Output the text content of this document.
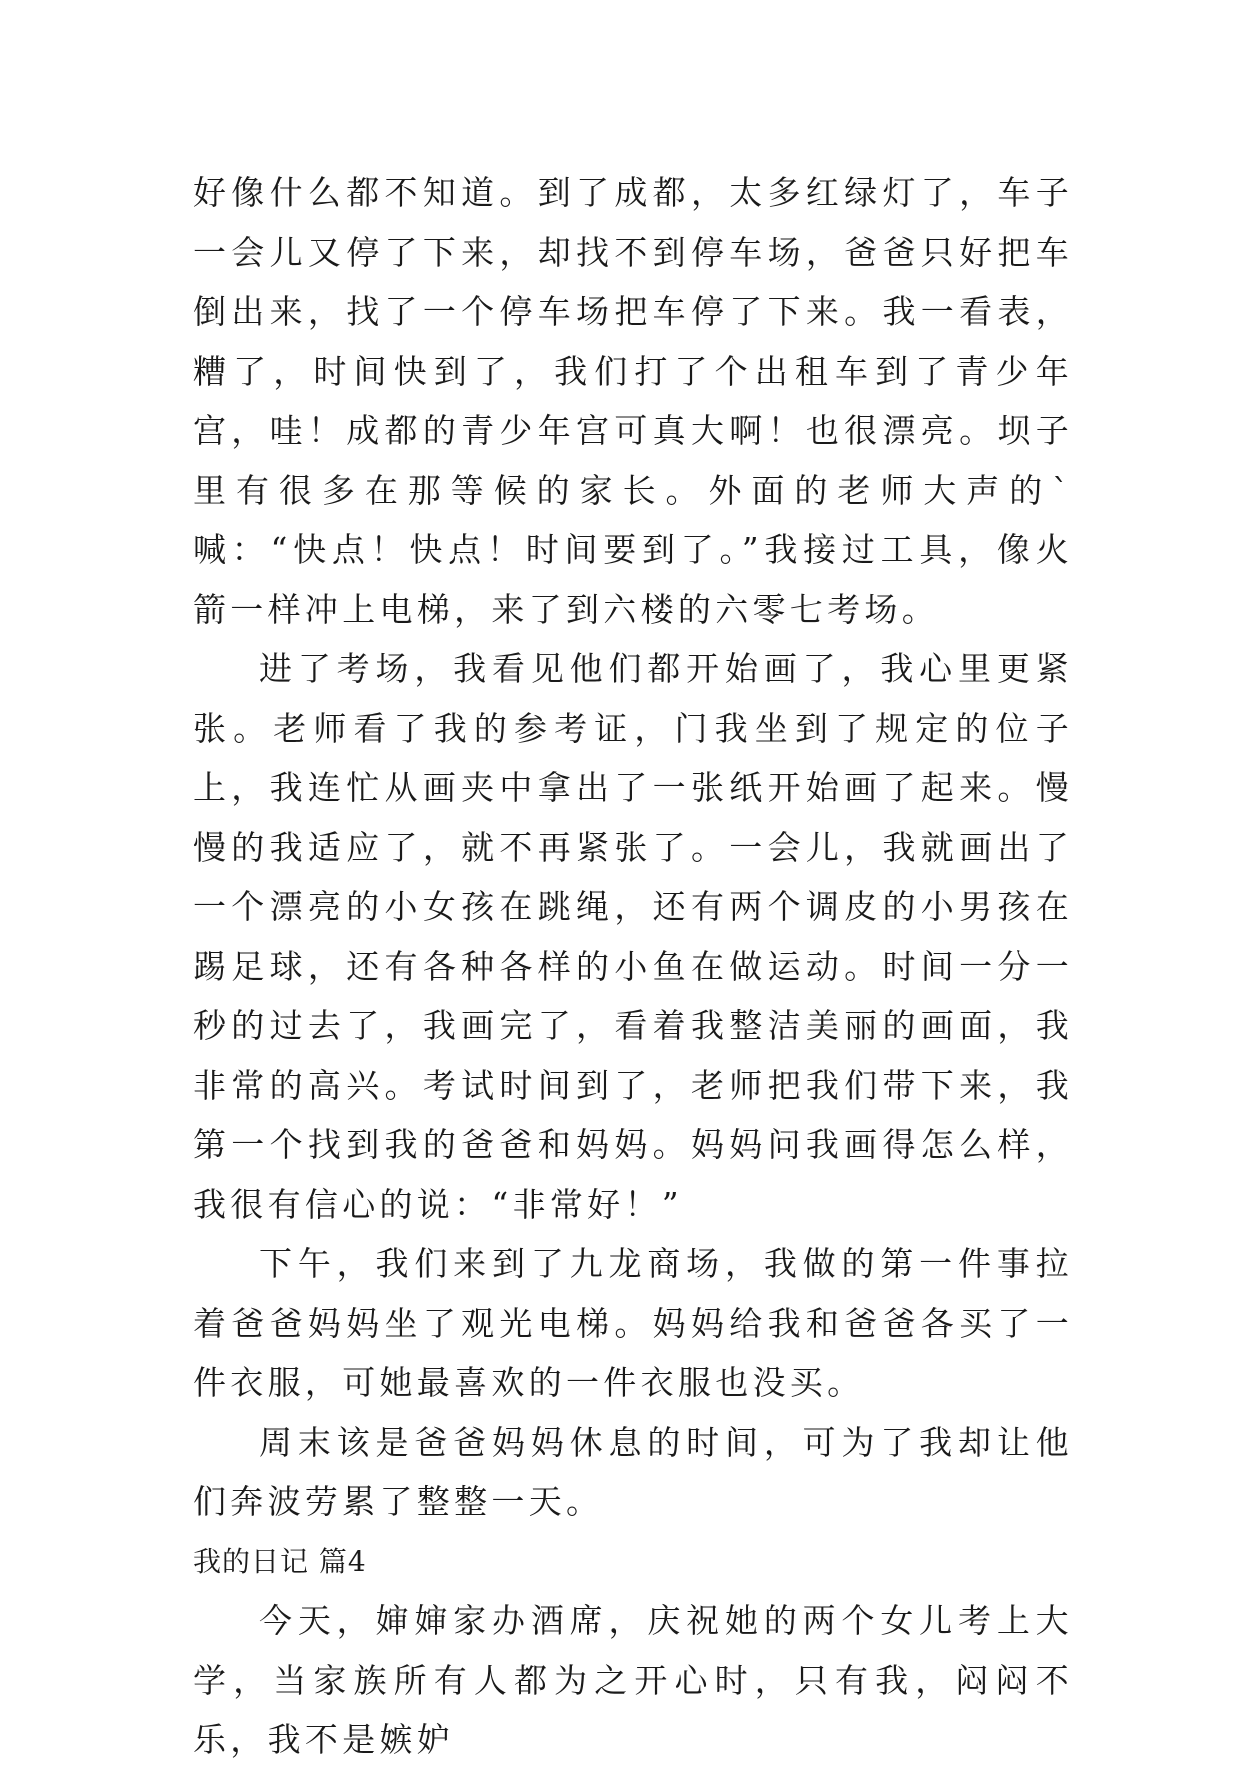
好像什么都不知道。到了成都，太多红绿灯了，车子一会儿又停了下来，却找不到停车场，爸爸只好把车倒出来，找了一个停车场把车停了下来。我一看表，糟了，时间快到了，我们打了个出租车到了青少年宫，哇！成都的青少年宫可真大啊！也很漂亮。坝子里有很多在那等候的家长。外面的老师大声的`喊：“快点！快点！时间要到了。”我接过工具，像火箭一样冲上电梯，来了到六楼的六零七考场。

进了考场，我看见他们都开始画了，我心里更紧张。老师看了我的参考证，门我坐到了规定的位子上，我连忙从画夹中拿出了一张纸开始画了起来。慢慢的我适应了，就不再紧张了。一会儿，我就画出了一个漂亮的小女孩在跳绳，还有两个调皮的小男孩在踢足球，还有各种各样的小鱼在做运动。时间一分一秒的过去了，我画完了，看着我整洁美丽的画面，我非常的高兴。考试时间到了，老师把我们带下来，我第一个找到我的爸爸和妈妈。妈妈问我画得怎么样，我很有信心的说：“非常好！”

下午，我们来到了九龙商场，我做的第一件事拉着爸爸妈妈坐了观光电梯。妈妈给我和爸爸各买了一件衣服，可她最喜欢的一件衣服也没买。

周末该是爸爸妈妈休息的时间，可为了我却让他们奔波劳累了整整一天。

我的日记 篇4

今天，婶婶家办酒席，庆祝她的两个女儿考上大学，当家族所有人都为之开心时，只有我，闷闷不乐，我不是嫉妒
